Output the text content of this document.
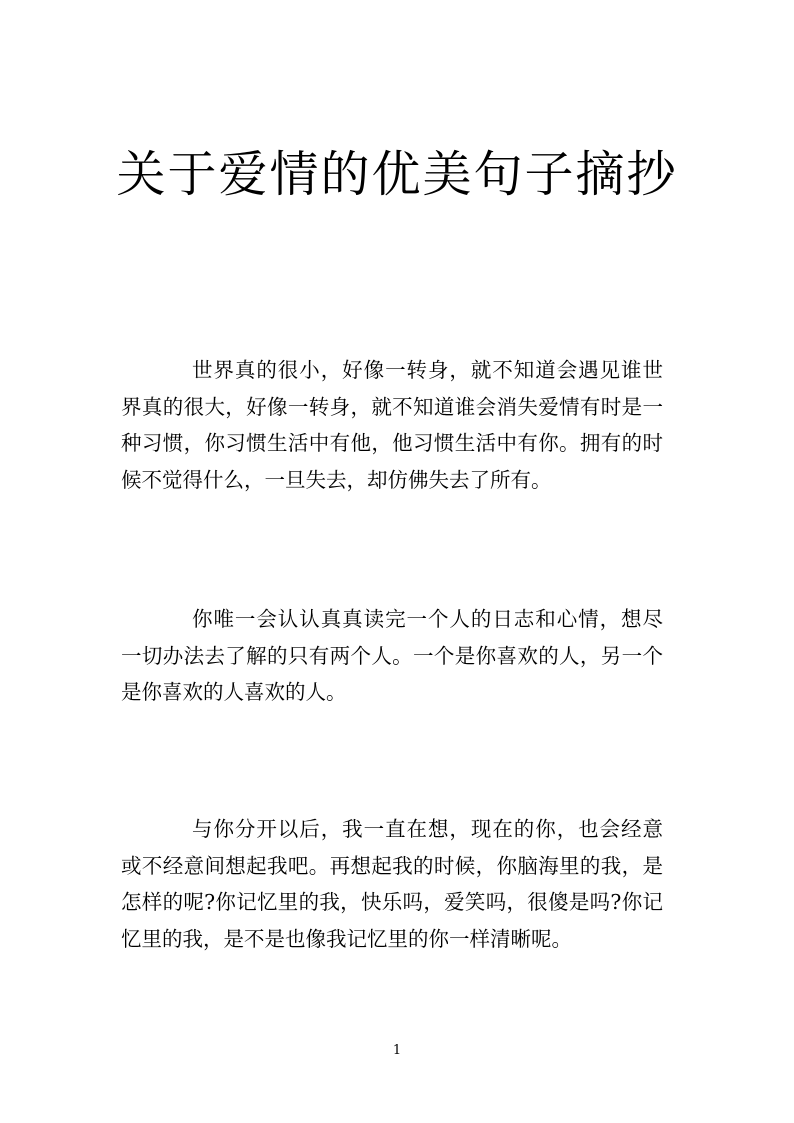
关于爱情的优美句子摘抄

世界真的很小，好像一转身，就不知道会遇见谁世界真的很大，好像一转身，就不知道谁会消失爱情有时是一种习惯，你习惯生活中有他，他习惯生活中有你。拥有的时候不觉得什么，一旦失去，却仿佛失去了所有。

你唯一会认认真真读完一个人的日志和心情，想尽一切办法去了解的只有两个人。一个是你喜欢的人，另一个是你喜欢的人喜欢的人。

与你分开以后，我一直在想，现在的你，也会经意或不经意间想起我吧。再想起我的时候，你脑海里的我，是怎样的呢?你记忆里的我，快乐吗，爱笑吗，很傻是吗?你记忆里的我，是不是也像我记忆里的你一样清晰呢。

1
